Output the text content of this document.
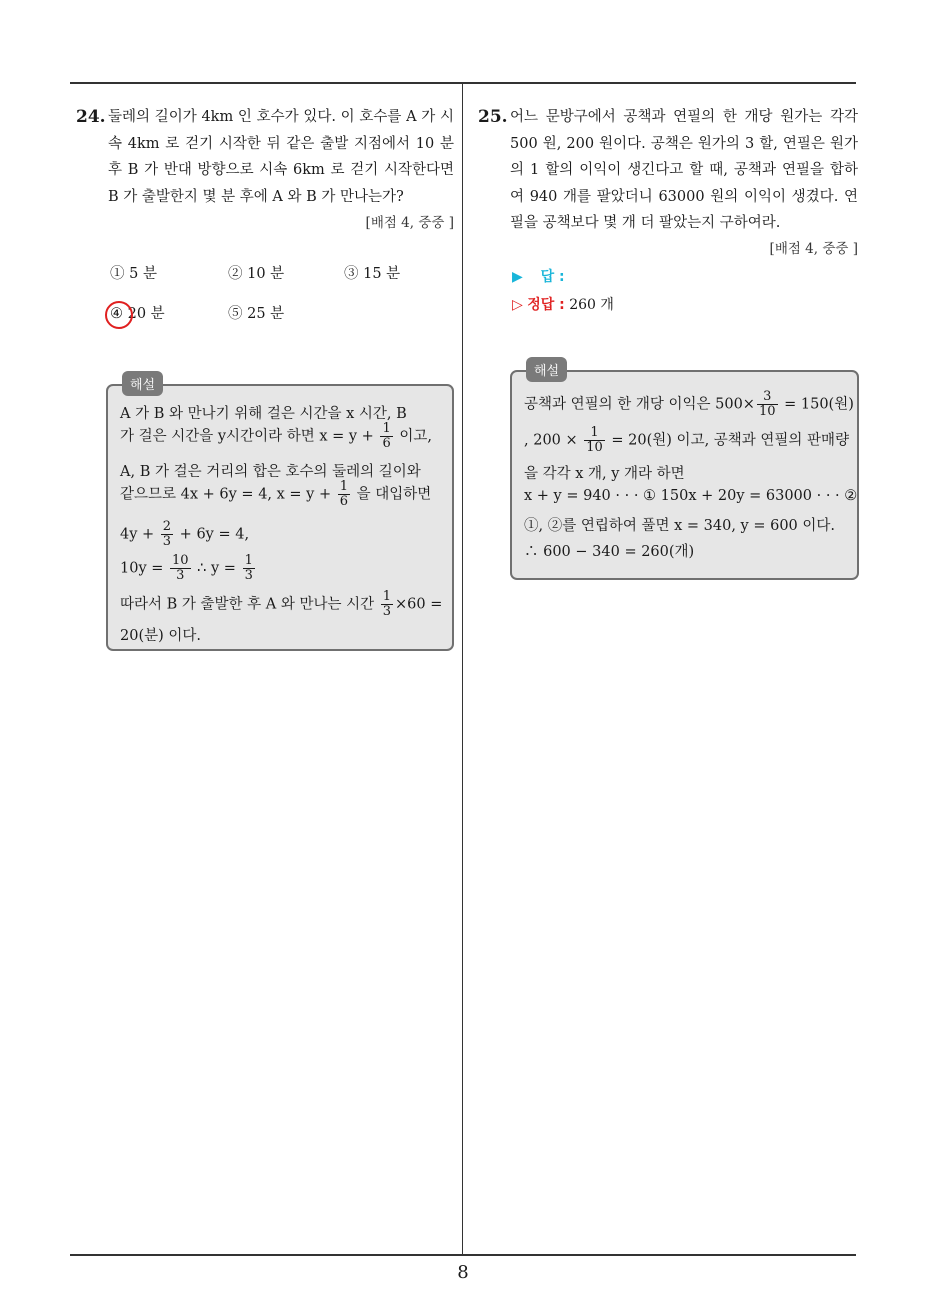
24. 둘레의 길이가 4km 인 호수가 있다. 이 호수를 A 가 시속 4km 로 걷기 시작한 뒤 같은 출발 지점에서 10 분 후 B 가 반대 방향으로 시속 6km 로 걷기 시작한다면 B 가 출발한지 몇 분 후에 A 와 B 가 만나는가?
[배점 4, 중중 ]
① 5 분	② 10 분	③ 15 분
④ 20 분	⑤ 25 분
해설
A 가 B 와 만나기 위해 걸은 시간을 x 시간, B
가 걸은 시간을 y시간이라 하면 $x = y + \frac{1}{6}$ 이고,
A, B 가 걸은 거리의 합은 호수의 둘레의 길이와
같으므로 4x + 6y = 4, $x = y + \frac{1}{6}$ 을 대입하면
$4y + \frac{2}{3} + 6y = 4$,
$10y = \frac{10}{3}$ ∴ $y = \frac{1}{3}$
따라서 B 가 출발한 후 A 와 만나는 시간 $\frac{1}{3} \times 60$ =
20(분) 이다.
25. 어느 문방구에서 공책과 연필의 한 개당 원가는 각각 500 원, 200 원이다. 공책은 원가의 3 할, 연필은 원가의 1 할의 이익이 생긴다고 할 때, 공책과 연필을 합하여 940 개를 팔았더니 63000 원의 이익이 생겼다. 연필을 공책보다 몇 개 더 팔았는지 구하여라.
[배점 4, 중중 ]
▶ 답 :
▷ 정답 : 260 개
해설
공책과 연필의 한 개당 이익은 $500\times \frac{3}{10} = 150$(원)
, $200 \times \frac{1}{10} = 20$(원) 이고, 공책과 연필의 판매량
을 각각 x 개, y 개라 하면
x + y = 940 · · · ① 150x + 20y = 63000 · · · ②
①, ②를 연립하여 풀면 x = 340, y = 600 이다.
∴ 600 − 340 = 260(개)
8
